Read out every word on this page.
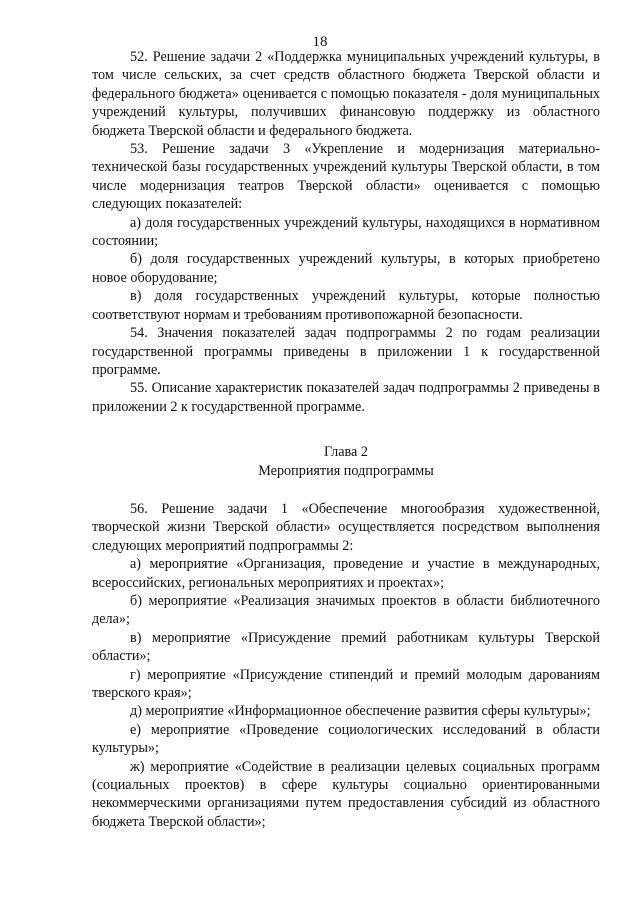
18

52. Решение задачи 2 «Поддержка муниципальных учреждений культуры, в том числе сельских, за счет средств областного бюджета Тверской области и федерального бюджета» оценивается с помощью показателя - доля муниципальных учреждений культуры, получивших финансовую поддержку из областного бюджета Тверской области и федерального бюджета.

53. Решение задачи 3 «Укрепление и модернизация материально-технической базы государственных учреждений культуры Тверской области, в том числе модернизация театров Тверской области» оценивается с помощью следующих показателей:

а) доля государственных учреждений культуры, находящихся в нормативном состоянии;

б) доля государственных учреждений культуры, в которых приобретено новое оборудование;

в) доля государственных учреждений культуры, которые полностью соответствуют нормам и требованиям противопожарной безопасности.

54. Значения показателей задач подпрограммы 2 по годам реализации государственной программы приведены в приложении 1 к государственной программе.

55. Описание характеристик показателей задач подпрограммы 2 приведены в приложении 2 к государственной программе.

Глава 2

Мероприятия подпрограммы

56. Решение задачи 1 «Обеспечение многообразия художественной, творческой жизни Тверской области» осуществляется посредством выполнения следующих мероприятий подпрограммы 2:

а) мероприятие «Организация, проведение и участие в международных, всероссийских, региональных мероприятиях и проектах»;

б) мероприятие «Реализация значимых проектов в области библиотечного дела»;

в) мероприятие «Присуждение премий работникам культуры Тверской области»;

г) мероприятие «Присуждение стипендий и премий молодым дарованиям тверского края»;

д) мероприятие «Информационное обеспечение развития сферы культуры»;

е) мероприятие «Проведение социологических исследований в области культуры»;

ж) мероприятие «Содействие в реализации целевых социальных программ (социальных проектов) в сфере культуры социально ориентированными некоммерческими организациями путем предоставления субсидий из областного бюджета Тверской области»;
